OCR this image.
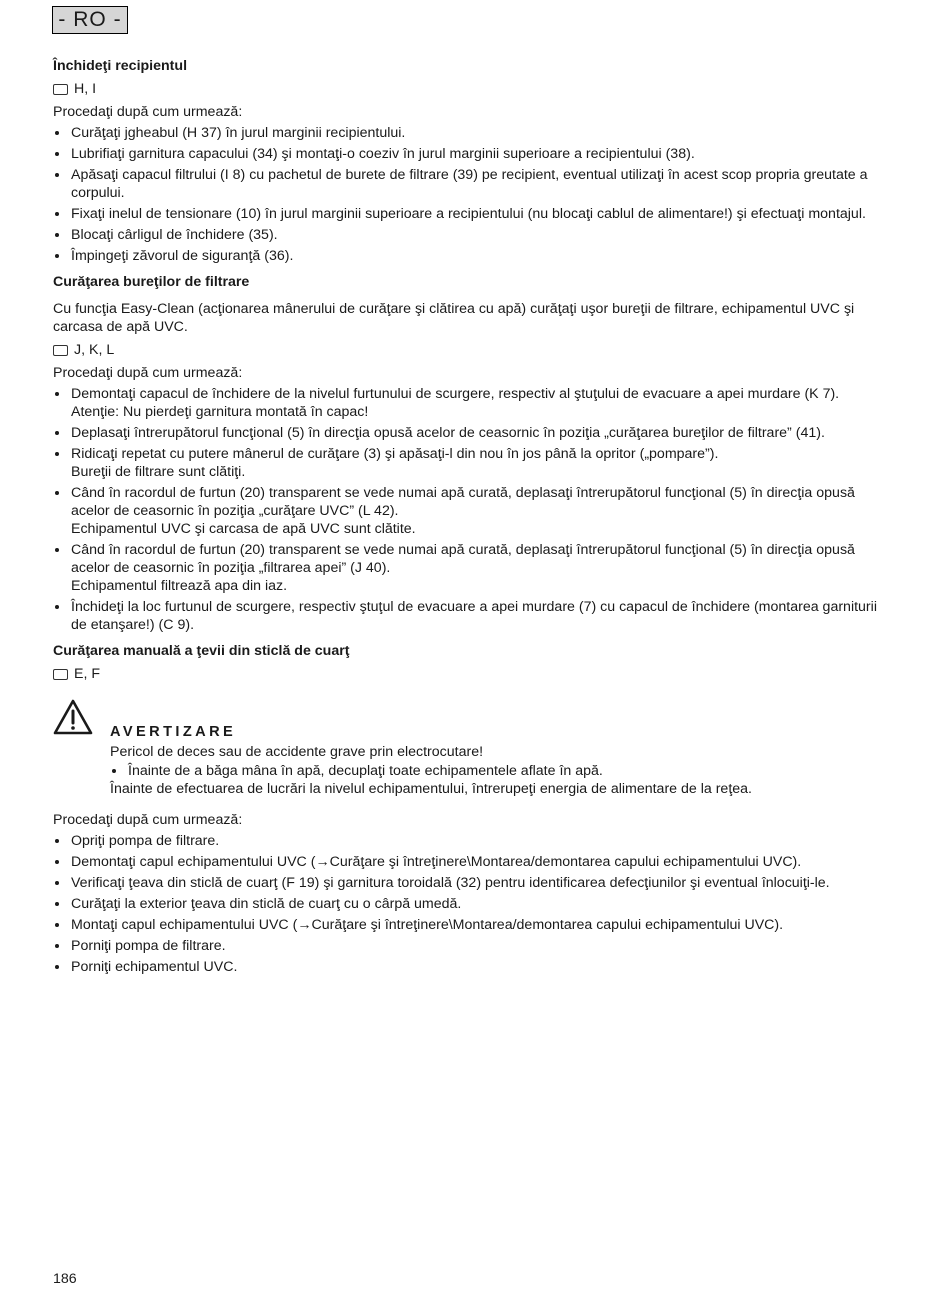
- RO -
Închideţi recipientul
H, I

Procedaţi după cum urmează:

Curăţaţi jgheabul (H 37) în jurul marginii recipientului.
Lubrifiaţi garnitura capacului (34) şi montaţi-o coeziv în jurul marginii superioare a recipientului (38).
Apăsaţi capacul filtrului (I 8) cu pachetul de burete de filtrare (39) pe recipient, eventual utilizaţi în acest scop propria greutate a corpului.
Fixaţi inelul de tensionare (10) în jurul marginii superioare a recipientului (nu blocaţi cablul de alimentare!) şi efectuaţi montajul.
Blocaţi cârligul de închidere (35).
Împingeţi zăvorul de siguranţă (36).
Curăţarea bureţilor de filtrare

Cu funcţia Easy-Clean (acţionarea mânerului de curăţare şi clătirea cu apă) curăţaţi uşor bureţii de filtrare, echipamentul UVC şi carcasa de apă UVC.

J, K, L

Procedaţi după cum urmează:

Demontaţi capacul de închidere de la nivelul furtunului de scurgere, respectiv al ştuţului de evacuare a apei murdare (K 7). Atenţie: Nu pierdeţi garnitura montată în capac!
Deplasaţi întrerupătorul funcţional (5) în direcţia opusă acelor de ceasornic în poziţia „curăţarea bureţilor de filtrare” (41).
Ridicaţi repetat cu putere mânerul de curăţare (3) şi apăsaţi-l din nou în jos până la opritor („pompare”).
Bureţii de filtrare sunt clătiţi.
Când în racordul de furtun (20) transparent se vede numai apă curată, deplasaţi întrerupătorul funcţional (5) în direcţia opusă acelor de ceasornic în poziţia „curăţare UVC” (L 42).
Echipamentul UVC şi carcasa de apă UVC sunt clătite.
Când în racordul de furtun (20) transparent se vede numai apă curată, deplasaţi întrerupătorul funcţional (5) în direcţia opusă acelor de ceasornic în poziţia „filtrarea apei” (J 40).
Echipamentul filtrează apa din iaz.
Închideţi la loc furtunul de scurgere, respectiv ştuţul de evacuare a apei murdare (7) cu capacul de închidere (montarea garniturii de etanşare!) (C 9).
Curăţarea manuală a ţevii din sticlă de cuarţ
E, F
AVERTIZARE

Pericol de deces sau de accidente grave prin electrocutare!

Înainte de a băga mâna în apă, decuplaţi toate echipamentele aflate în apă.

Înainte de efectuarea de lucrări la nivelul echipamentului, întrerupeţi energia de alimentare de la reţea.

Procedaţi după cum urmează:

Opriţi pompa de filtrare.
Demontaţi capul echipamentului UVC (→Curăţare şi întreţinere\Montarea/demontarea capului echipamentului UVC).
Verificaţi ţeava din sticlă de cuarţ (F 19) şi garnitura toroidală (32) pentru identificarea defecţiunilor şi eventual înlocuiţi-le.
Curăţaţi la exterior ţeava din sticlă de cuarţ cu o cârpă umedă.
Montaţi capul echipamentului UVC (→Curăţare şi întreţinere\Montarea/demontarea capului echipamentului UVC).
Porniţi pompa de filtrare.
Porniţi echipamentul UVC.
186
